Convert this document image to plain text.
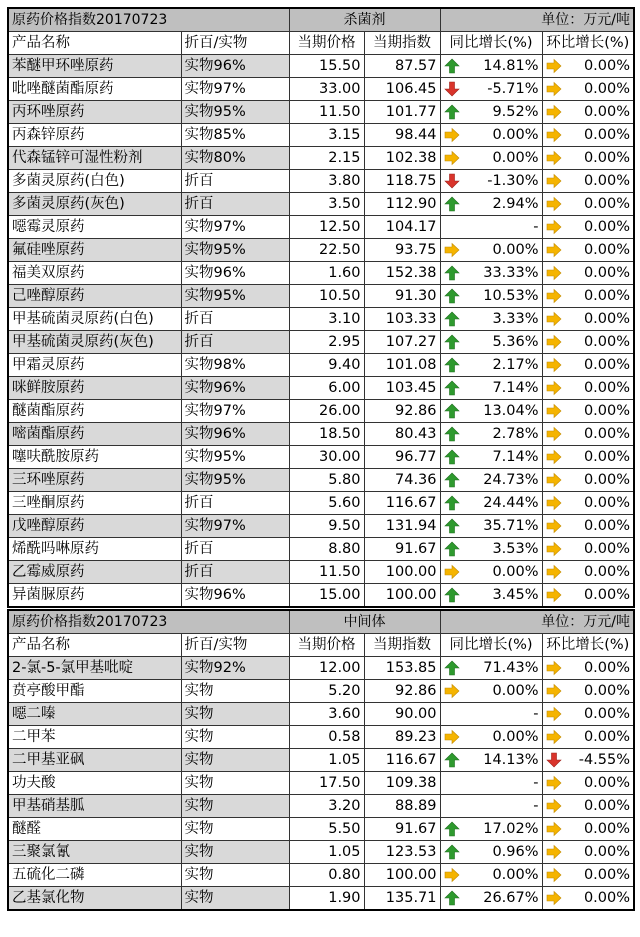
原药价格指数20170723		杀菌剂		单位：万元/吨	
产品名称	折百/实物	当期价格	当期指数	同比增长(%)	环比增长(%)
苯醚甲环唑原药	实物96%	15.50	87.57	14.81%	0.00%
吡唑醚菌酯原药	实物97%	33.00	106.45	-5.71%	0.00%
丙环唑原药	实物95%	11.50	101.77	9.52%	0.00%
丙森锌原药	实物85%	3.15	98.44	0.00%	0.00%
代森锰锌可湿性粉剂	实物80%	2.15	102.38	0.00%	0.00%
多菌灵原药(白色)	折百	3.80	118.75	-1.30%	0.00%
多菌灵原药(灰色)	折百	3.50	112.90	2.94%	0.00%
噁霉灵原药	实物97%	12.50	104.17	-	0.00%
氟硅唑原药	实物95%	22.50	93.75	0.00%	0.00%
福美双原药	实物96%	1.60	152.38	33.33%	0.00%
己唑醇原药	实物95%	10.50	91.30	10.53%	0.00%
甲基硫菌灵原药(白色)	折百	3.10	103.33	3.33%	0.00%
甲基硫菌灵原药(灰色)	折百	2.95	107.27	5.36%	0.00%
甲霜灵原药	实物98%	9.40	101.08	2.17%	0.00%
咪鲜胺原药	实物96%	6.00	103.45	7.14%	0.00%
醚菌酯原药	实物97%	26.00	92.86	13.04%	0.00%
嘧菌酯原药	实物96%	18.50	80.43	2.78%	0.00%
噻呋酰胺原药	实物95%	30.00	96.77	7.14%	0.00%
三环唑原药	实物95%	5.80	74.36	24.73%	0.00%
三唑酮原药	折百	5.60	116.67	24.44%	0.00%
戊唑醇原药	实物97%	9.50	131.94	35.71%	0.00%
烯酰吗啉原药	折百	8.80	91.67	3.53%	0.00%
乙霉威原药	折百	11.50	100.00	0.00%	0.00%
异菌脲原药	实物96%	15.00	100.00	3.45%	0.00%
原药价格指数20170723		中间体		单位：万元/吨	
产品名称	折百/实物	当期价格	当期指数	同比增长(%)	环比增长(%)
2-氯-5-氯甲基吡啶	实物92%	12.00	153.85	71.43%	0.00%
贲亭酸甲酯	实物	5.20	92.86	0.00%	0.00%
噁二嗪	实物	3.60	90.00	-	0.00%
二甲苯	实物	0.58	89.23	0.00%	0.00%
二甲基亚砜	实物	1.05	116.67	14.13%	-4.55%
功夫酸	实物	17.50	109.38	-	0.00%
甲基硝基胍	实物	3.20	88.89	-	0.00%
醚醛	实物	5.50	91.67	17.02%	0.00%
三聚氯氰	实物	1.05	123.53	0.96%	0.00%
五硫化二磷	实物	0.80	100.00	0.00%	0.00%
乙基氯化物	实物	1.90	135.71	26.67%	0.00%
